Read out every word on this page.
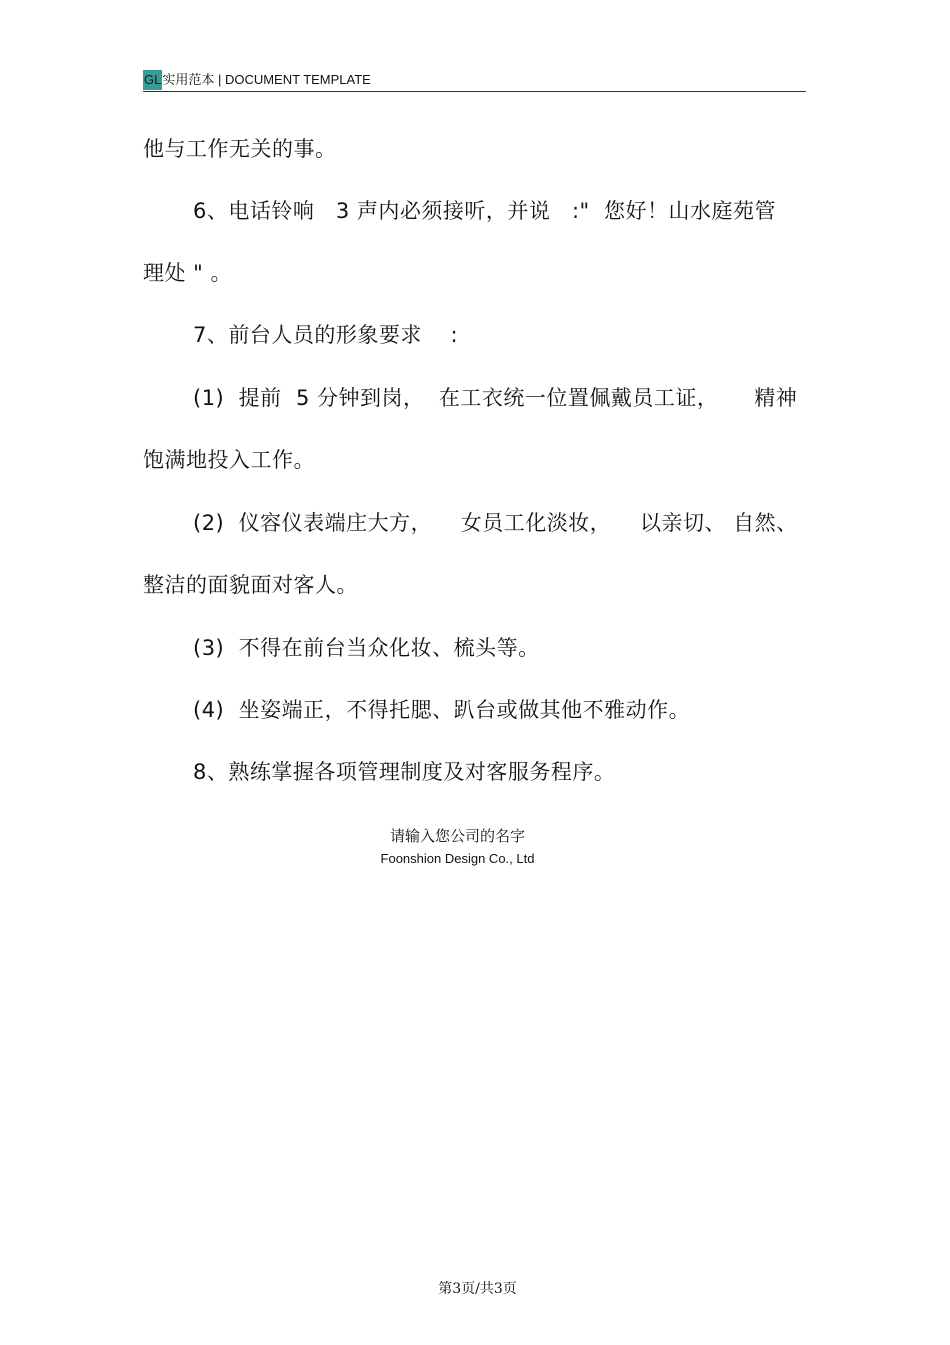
GL实用范本 | DOCUMENT TEMPLATE
他与工作无关的事。
6、电话铃响   3 声内必须接听，并说   :"  您好！山水庭苑管
理处 " 。
7、前台人员的形象要求    :
(1)  提前  5 分钟到岗，  在工衣统一位置佩戴员工证，     精神
饱满地投入工作。
(2)  仪容仪表端庄大方，    女员工化淡妆，    以亲切、 自然、
整洁的面貌面对客人。
(3)  不得在前台当众化妆、梳头等。
(4)  坐姿端正，不得托腮、趴台或做其他不雅动作。
8、熟练掌握各项管理制度及对客服务程序。
请输入您公司的名字
Foonshion Design Co., Ltd
第3页/共3页
